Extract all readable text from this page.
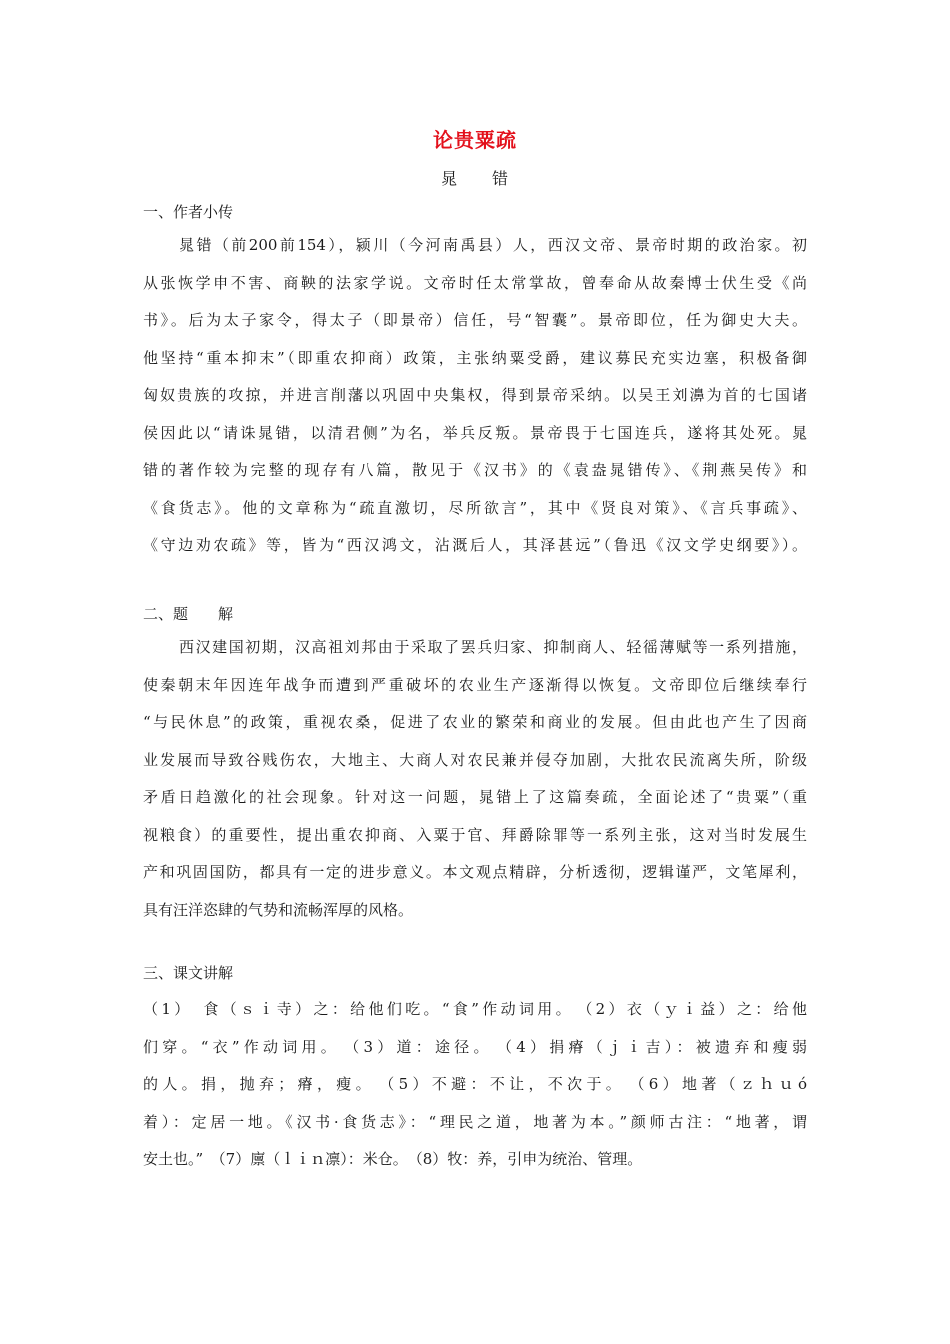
论贵粟疏
晁 错
一、作者小传
晁错（前200前154），颍川（今河南禹县）人，西汉文帝、景帝时期的政治家。初
从张恢学申不害、商鞅的法家学说。文帝时任太常掌故，曾奉命从故秦博士伏生受《尚
书》。后为太子家令，得太子（即景帝）信任，号“智囊”。景帝即位，任为御史大夫。
他坚持“重本抑末”（即重农抑商）政策，主张纳粟受爵，建议募民充实边塞，积极备御
匈奴贵族的攻掠，并进言削藩以巩固中央集权，得到景帝采纳。以吴王刘濞为首的七国诸
侯因此以“请诛晁错，以清君侧”为名，举兵反叛。景帝畏于七国连兵，遂将其处死。晁
错的著作较为完整的现存有八篇，散见于《汉书》的《袁盎晁错传》、《荆燕吴传》和
《食货志》。他的文章称为“疏直激切，尽所欲言”，其中《贤良对策》、《言兵事疏》、
《守边劝农疏》等，皆为“西汉鸿文，沾溉后人，其泽甚远”（鲁迅《汉文学史纲要》）。
二、题　　解
西汉建国初期，汉高祖刘邦由于采取了罢兵归家、抑制商人、轻徭薄赋等一系列措施，
使秦朝末年因连年战争而遭到严重破坏的农业生产逐渐得以恢复。文帝即位后继续奉行
“与民休息”的政策，重视农桑，促进了农业的繁荣和商业的发展。但由此也产生了因商
业发展而导致谷贱伤农，大地主、大商人对农民兼并侵夺加剧，大批农民流离失所，阶级
矛盾日趋激化的社会现象。针对这一问题，晁错上了这篇奏疏，全面论述了“贵粟”（重
视粮食）的重要性，提出重农抑商、入粟于官、拜爵除罪等一系列主张，这对当时发展生
产和巩固国防，都具有一定的进步意义。本文观点精辟，分析透彻，逻辑谨严，文笔犀利，
具有汪洋恣肆的气势和流畅浑厚的风格。
三、课文讲解
（1）　食（ｓｉ寺）之：给他们吃。“食”作动词用。　（2）衣（ｙｉ益）之：给他
们穿。“衣”作动词用。　（3）道：途径。　（4）捐瘠（ｊｉ吉）：被遗弃和瘦弱
的人。捐，抛弃；瘠，瘦。　（5）不避：不让，不次于。　（6）地著（ｚｈｕó
着）：定居一地。《汉书·食货志》：“理民之道，地著为本。”颜师古注：“地著，谓
安土也。”　（7）廪（ｌｉｎ凛）：米仓。　（8）牧：养，引申为统治、管理。
